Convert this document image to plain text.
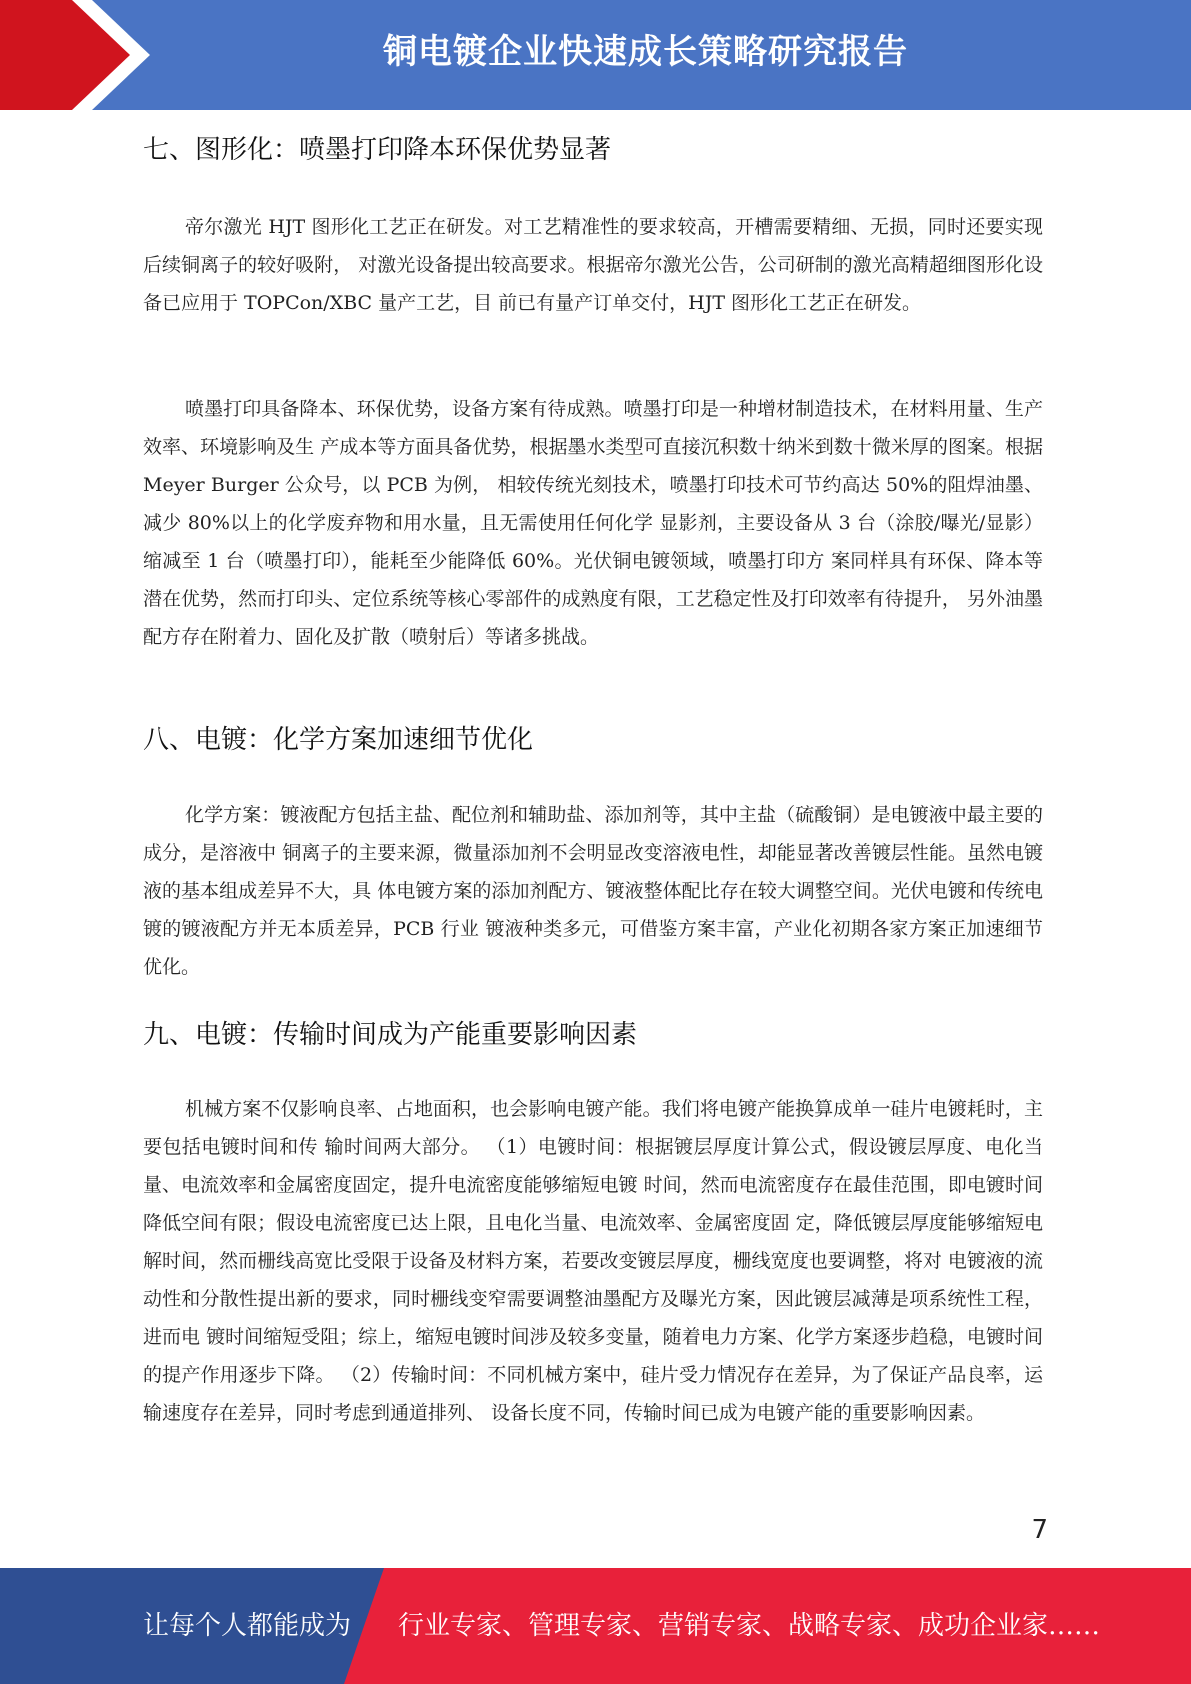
铜电镀企业快速成长策略研究报告
七、图形化：喷墨打印降本环保优势显著

帝尔激光 HJT 图形化工艺正在研发。对工艺精准性的要求较高，开槽需要精细、无损，同时还要实现后续铜离子的较好吸附， 对激光设备提出较高要求。根据帝尔激光公告，公司研制的激光高精超细图形化设备已应用于 TOPCon/XBC 量产工艺，目 前已有量产订单交付，HJT 图形化工艺正在研发。

喷墨打印具备降本、环保优势，设备方案有待成熟。喷墨打印是一种增材制造技术，在材料用量、生产效率、环境影响及生 产成本等方面具备优势，根据墨水类型可直接沉积数十纳米到数十微米厚的图案。根据 Meyer Burger 公众号，以 PCB 为例， 相较传统光刻技术，喷墨打印技术可节约高达 50%的阻焊油墨、减少 80%以上的化学废弃物和用水量，且无需使用任何化学 显影剂，主要设备从 3 台（涂胶/曝光/显影）缩减至 1 台（喷墨打印），能耗至少能降低 60%。光伏铜电镀领域，喷墨打印方 案同样具有环保、降本等潜在优势，然而打印头、定位系统等核心零部件的成熟度有限，工艺稳定性及打印效率有待提升， 另外油墨配方存在附着力、固化及扩散（喷射后）等诸多挑战。

八、电镀：化学方案加速细节优化

化学方案：镀液配方包括主盐、配位剂和辅助盐、添加剂等，其中主盐（硫酸铜）是电镀液中最主要的成分，是溶液中 铜离子的主要来源，微量添加剂不会明显改变溶液电性，却能显著改善镀层性能。虽然电镀液的基本组成差异不大，具 体电镀方案的添加剂配方、镀液整体配比存在较大调整空间。光伏电镀和传统电镀的镀液配方并无本质差异，PCB 行业 镀液种类多元，可借鉴方案丰富，产业化初期各家方案正加速细节优化。

九、电镀：传输时间成为产能重要影响因素

机械方案不仅影响良率、占地面积，也会影响电镀产能。我们将电镀产能换算成单一硅片电镀耗时，主要包括电镀时间和传 输时间两大部分。 （1）电镀时间：根据镀层厚度计算公式，假设镀层厚度、电化当量、电流效率和金属密度固定，提升电流密度能够缩短电镀 时间，然而电流密度存在最佳范围，即电镀时间降低空间有限；假设电流密度已达上限，且电化当量、电流效率、金属密度固 定，降低镀层厚度能够缩短电解时间，然而栅线高宽比受限于设备及材料方案，若要改变镀层厚度，栅线宽度也要调整，将对 电镀液的流动性和分散性提出新的要求，同时栅线变窄需要调整油墨配方及曝光方案，因此镀层减薄是项系统性工程，进而电 镀时间缩短受阻；综上，缩短电镀时间涉及较多变量，随着电力方案、化学方案逐步趋稳，电镀时间的提产作用逐步下降。 （2）传输时间：不同机械方案中，硅片受力情况存在差异，为了保证产品良率，运输速度存在差异，同时考虑到通道排列、 设备长度不同，传输时间已成为电镀产能的重要影响因素。

7
让每个人都能成为 行业专家、管理专家、营销专家、战略专家、成功企业家……
